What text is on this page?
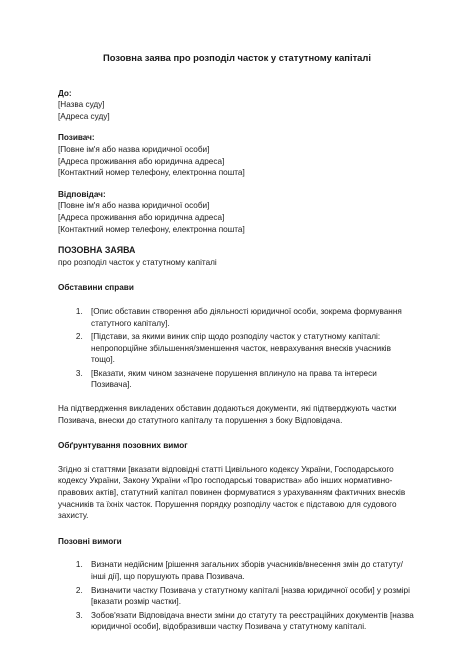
Позовна заява про розподіл часток у статутному капіталі
До:
[Назва суду]
[Адреса суду]
Позивач:
[Повне ім'я або назва юридичної особи]
[Адреса проживання або юридична адреса]
[Контактний номер телефону, електронна пошта]
Відповідач:
[Повне ім'я або назва юридичної особи]
[Адреса проживання або юридична адреса]
[Контактний номер телефону, електронна пошта]
ПОЗОВНА ЗАЯВА
про розподіл часток у статутному капіталі
Обставини справи
1. [Опис обставин створення або діяльності юридичної особи, зокрема формування статутного капіталу].
2. [Підстави, за якими виник спір щодо розподілу часток у статутному капіталі: непропорційне збільшення/зменшення часток, неврахування внесків учасників тощо].
3. [Вказати, яким чином зазначене порушення вплинуло на права та інтереси Позивача].

На підтвердження викладених обставин додаються документи, які підтверджують частки Позивача, внески до статутного капіталу та порушення з боку Відповідача.

Обґрунтування позовних вимог

Згідно зі статтями [вказати відповідні статті Цивільного кодексу України, Господарського кодексу України, Закону України «Про господарські товариства» або інших нормативно-правових актів], статутний капітал повинен формуватися з урахуванням фактичних внесків учасників та їхніх часток. Порушення порядку розподілу часток є підставою для судового захисту.

Позовні вимоги
1. Визнати недійсним [рішення загальних зборів учасників/внесення змін до статуту/інші дії], що порушують права Позивача.
2. Визначити частку Позивача у статутному капіталі [назва юридичної особи] у розмірі [вказати розмір частки].
3. Зобов'язати Відповідача внести зміни до статуту та реєстраційних документів [назва юридичної особи], відобразивши частку Позивача у статутному капіталі.
